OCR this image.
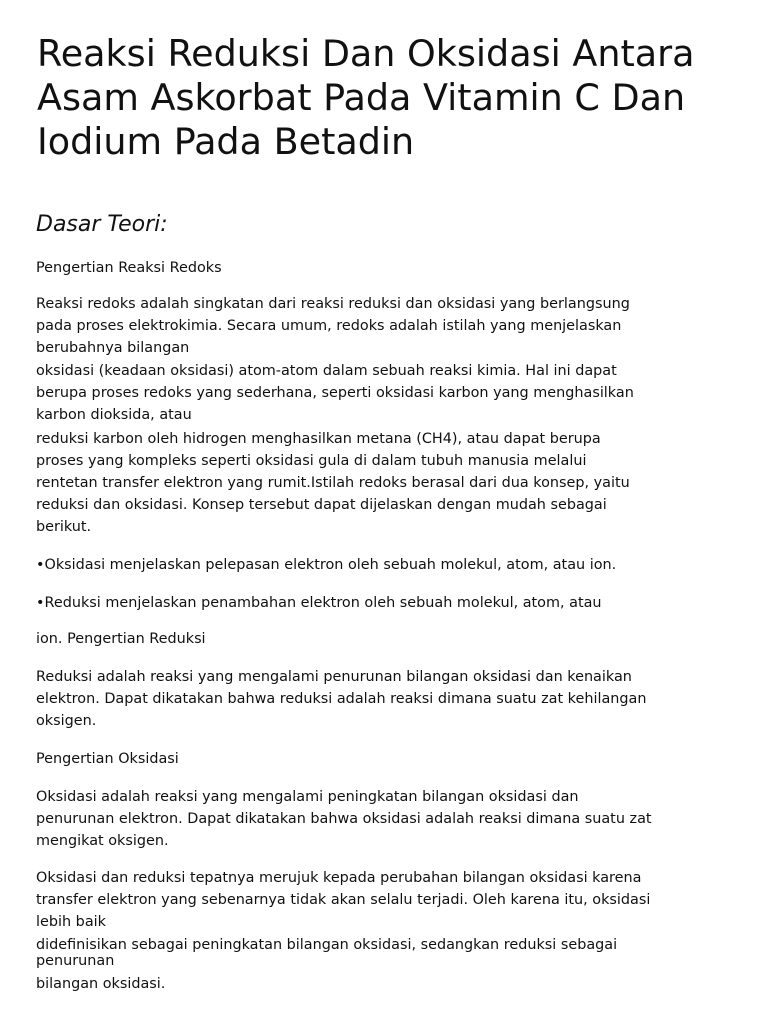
Reaksi Reduksi Dan Oksidasi Antara
Asam Askorbat Pada Vitamin C Dan
Iodium Pada Betadin
Dasar Teori:

Pengertian Reaksi Redoks

Reaksi redoks adalah singkatan dari reaksi reduksi dan oksidasi yang berlangsung

pada proses elektrokimia. Secara umum, redoks adalah istilah yang menjelaskan

berubahnya bilangan

oksidasi (keadaan oksidasi) atom-atom dalam sebuah reaksi kimia. Hal ini dapat

berupa proses redoks yang sederhana, seperti oksidasi karbon yang menghasilkan

karbon dioksida, atau

reduksi karbon oleh hidrogen menghasilkan metana (CH4), atau dapat berupa

proses yang kompleks seperti oksidasi gula di dalam tubuh manusia melalui

rentetan transfer elektron yang rumit.Istilah redoks berasal dari dua konsep, yaitu

reduksi dan oksidasi. Konsep tersebut dapat dijelaskan dengan mudah sebagai

berikut.

•Oksidasi menjelaskan pelepasan elektron oleh sebuah molekul, atom, atau ion.

•Reduksi menjelaskan penambahan elektron oleh sebuah molekul, atom, atau

ion. Pengertian Reduksi

Reduksi adalah reaksi yang mengalami penurunan bilangan oksidasi dan kenaikan

elektron. Dapat dikatakan bahwa reduksi adalah reaksi dimana suatu zat kehilangan

oksigen.

Pengertian Oksidasi

Oksidasi adalah reaksi yang mengalami peningkatan bilangan oksidasi dan

penurunan elektron. Dapat dikatakan bahwa oksidasi adalah reaksi dimana suatu zat

mengikat oksigen.

Oksidasi dan reduksi tepatnya merujuk kepada perubahan bilangan oksidasi karena

transfer elektron yang sebenarnya tidak akan selalu terjadi. Oleh karena itu, oksidasi

lebih baik

didefinisikan sebagai peningkatan bilangan oksidasi, sedangkan reduksi sebagai

penurunan

bilangan oksidasi.
